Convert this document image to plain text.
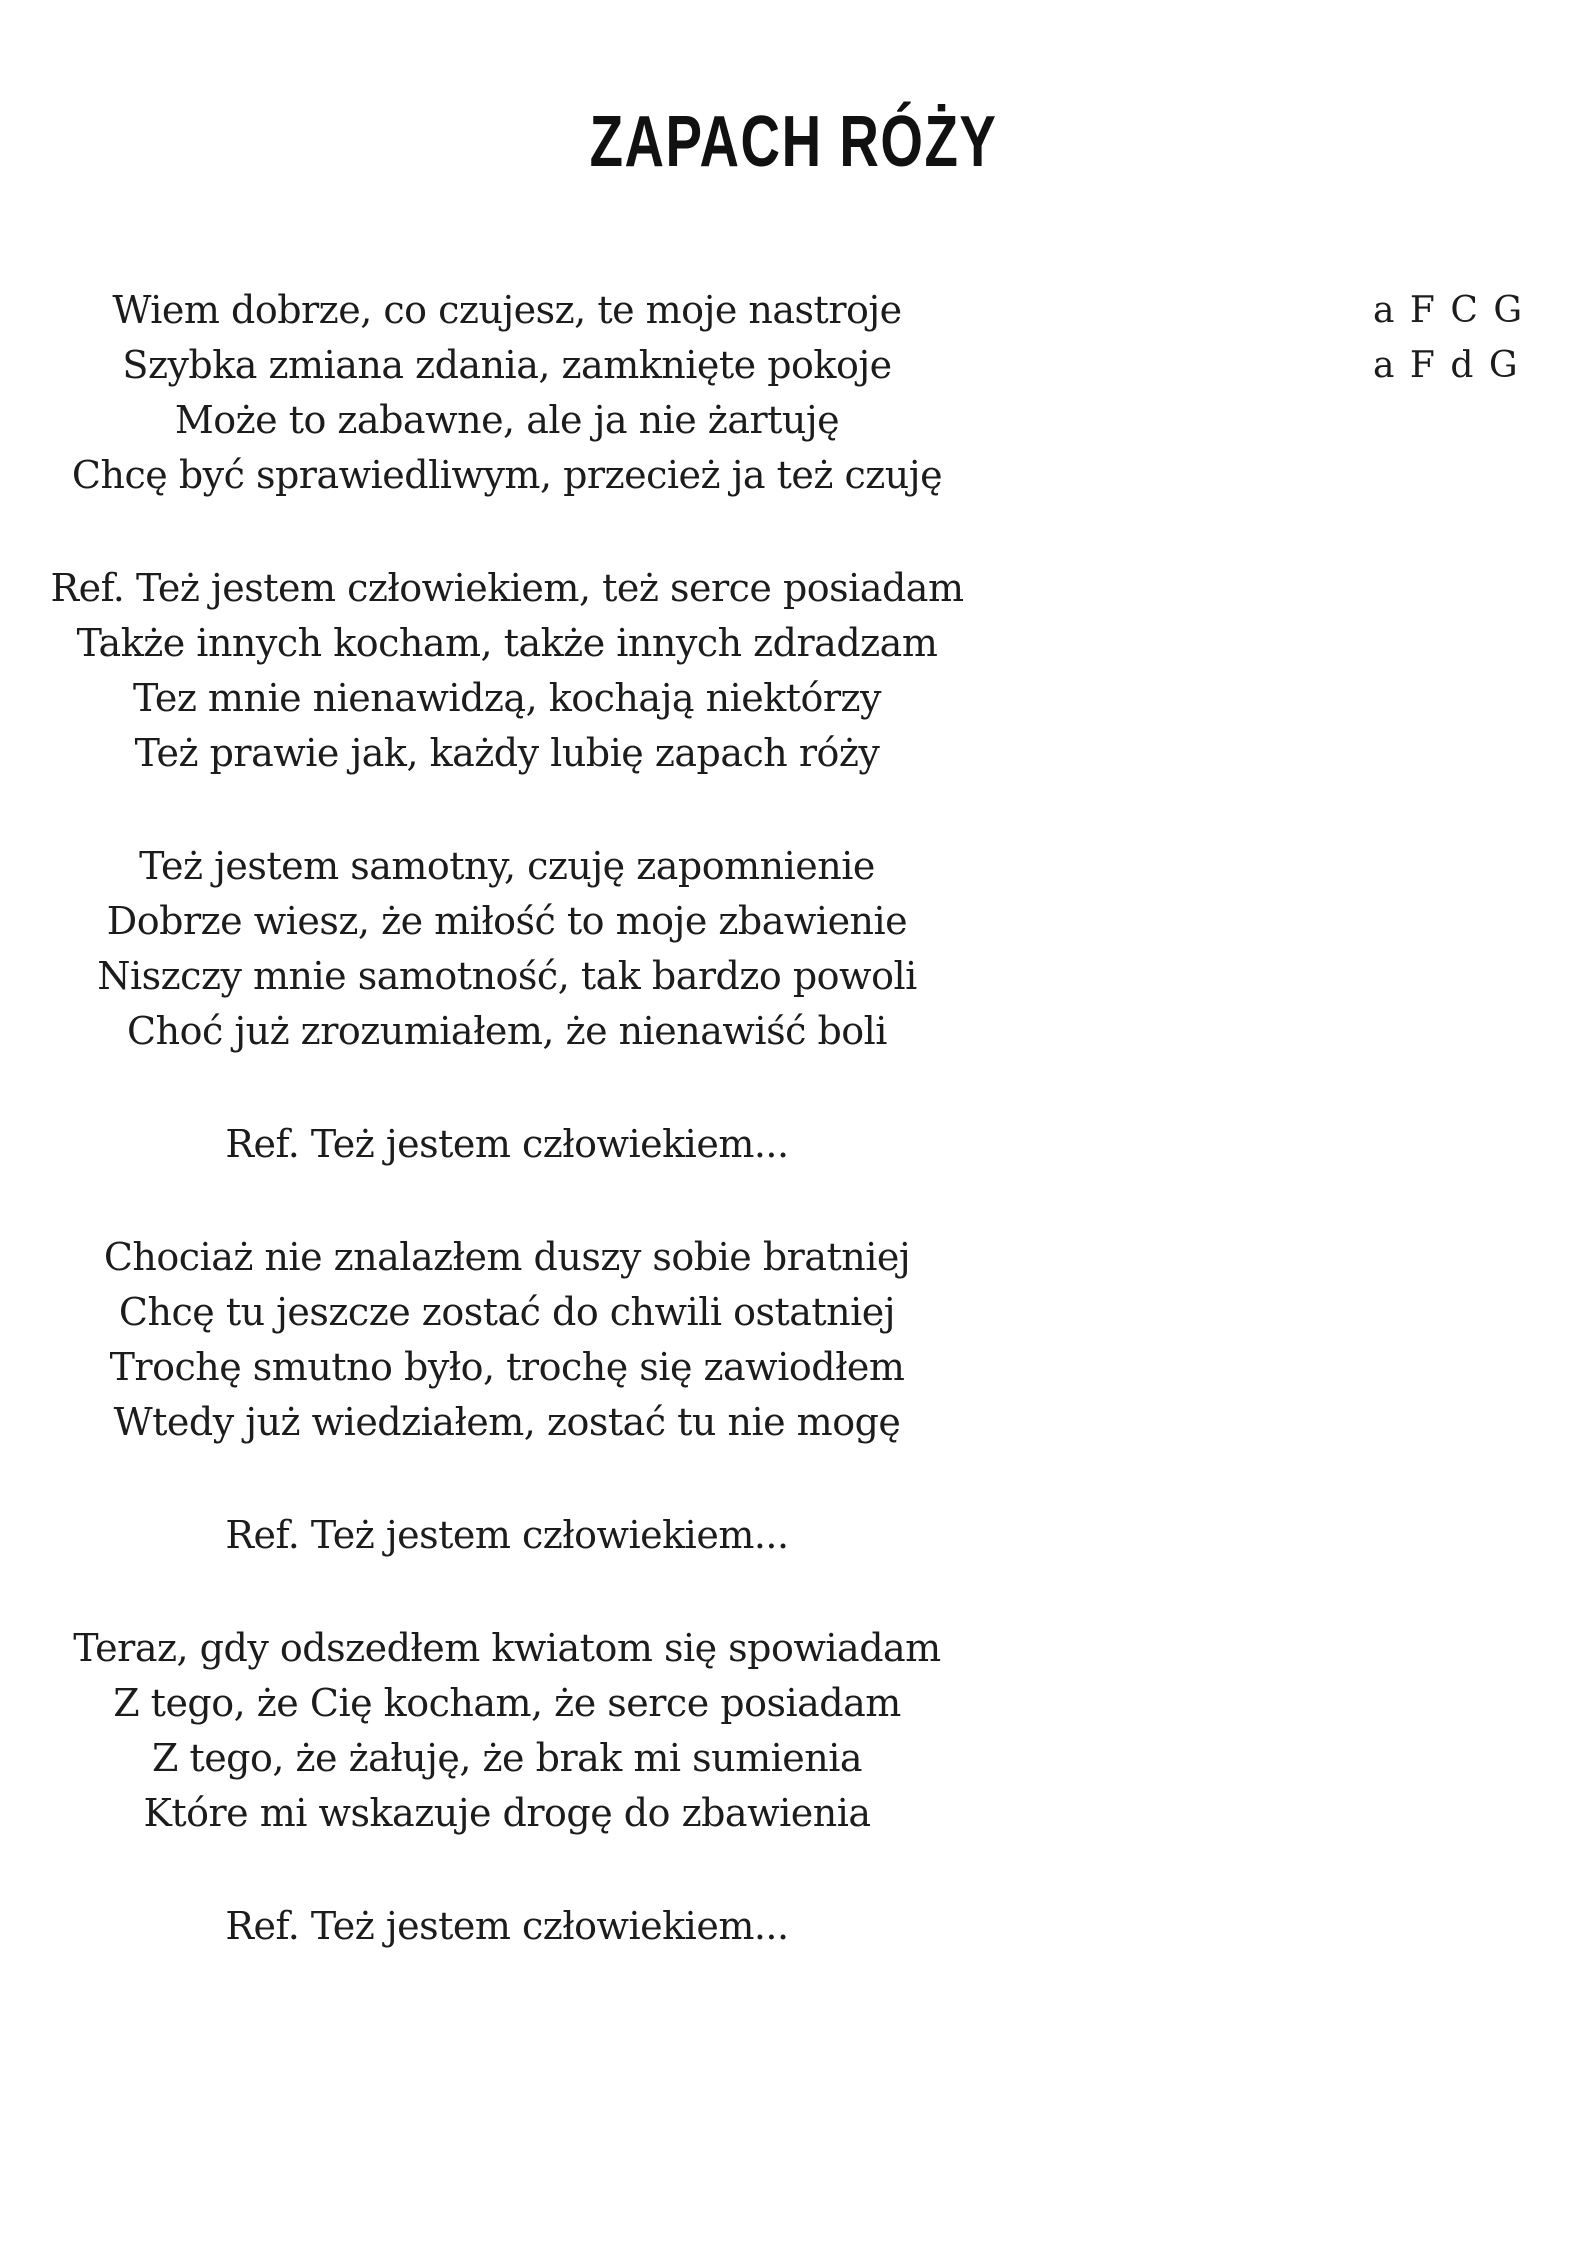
ZAPACH RÓŻY

Wiem dobrze, co czujesz, te moje nastroje

Szybka zmiana zdania, zamknięte pokoje

Może to zabawne, ale ja nie żartuję

Chcę być sprawiedliwym, przecież ja też czuję

Ref. Też jestem człowiekiem, też serce posiadam

Także innych kocham, także innych zdradzam

Tez mnie nienawidzą, kochają niektórzy

Też prawie jak, każdy lubię zapach róży

Też jestem samotny, czuję zapomnienie

Dobrze wiesz, że miłość to moje zbawienie

Niszczy mnie samotność, tak bardzo powoli

Choć już zrozumiałem, że nienawiść boli

Ref. Też jestem człowiekiem...

Chociaż nie znalazłem duszy sobie bratniej

Chcę tu jeszcze zostać do chwili ostatniej

Trochę smutno było, trochę się zawiodłem

Wtedy już wiedziałem, zostać tu nie mogę

Ref. Też jestem człowiekiem...

Teraz, gdy odszedłem kwiatom się spowiadam

Z tego, że Cię kocham, że serce posiadam

Z tego, że żałuję, że brak mi sumienia

Które mi wskazuje drogę do zbawienia

Ref. Też jestem człowiekiem...

a F C G

a F d G
